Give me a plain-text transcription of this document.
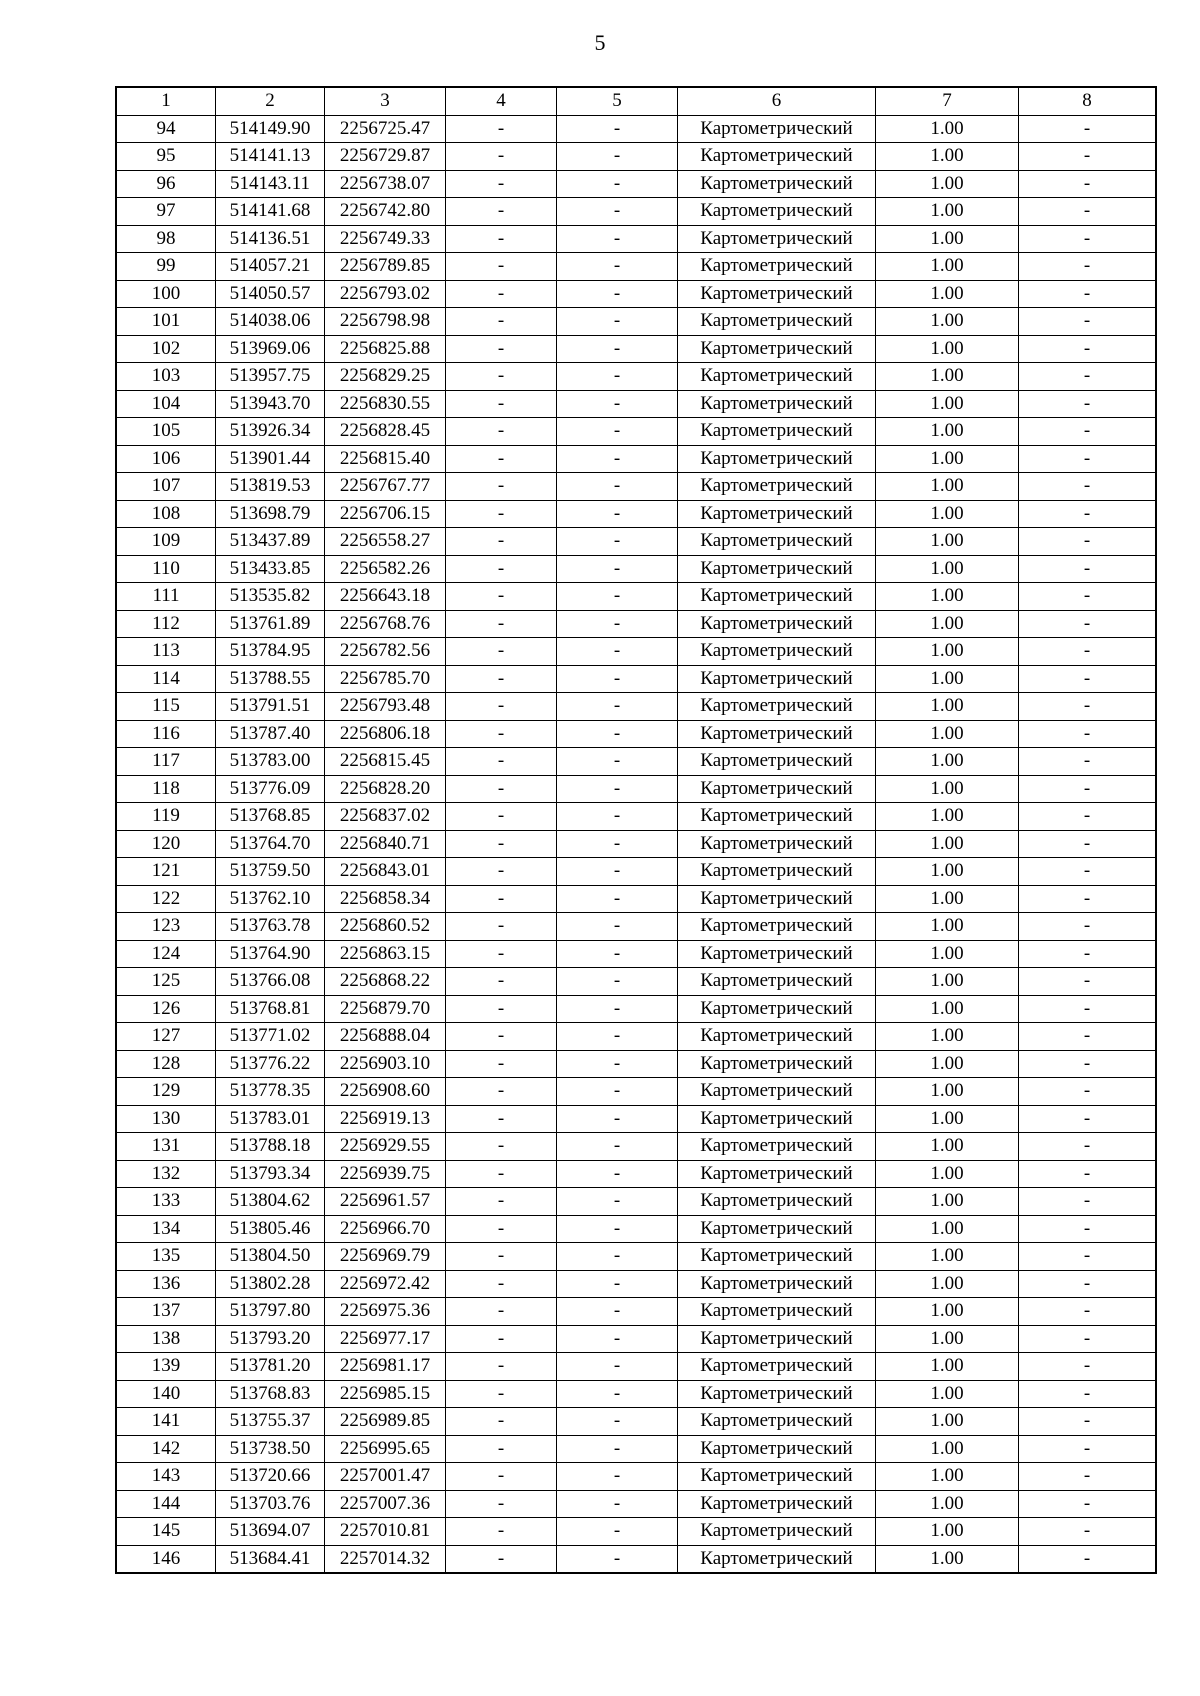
5
1	2	3	4	5	6	7	8
94	514149.90	2256725.47	-	-	Картометрический	1.00	-
95	514141.13	2256729.87	-	-	Картометрический	1.00	-
96	514143.11	2256738.07	-	-	Картометрический	1.00	-
97	514141.68	2256742.80	-	-	Картометрический	1.00	-
98	514136.51	2256749.33	-	-	Картометрический	1.00	-
99	514057.21	2256789.85	-	-	Картометрический	1.00	-
100	514050.57	2256793.02	-	-	Картометрический	1.00	-
101	514038.06	2256798.98	-	-	Картометрический	1.00	-
102	513969.06	2256825.88	-	-	Картометрический	1.00	-
103	513957.75	2256829.25	-	-	Картометрический	1.00	-
104	513943.70	2256830.55	-	-	Картометрический	1.00	-
105	513926.34	2256828.45	-	-	Картометрический	1.00	-
106	513901.44	2256815.40	-	-	Картометрический	1.00	-
107	513819.53	2256767.77	-	-	Картометрический	1.00	-
108	513698.79	2256706.15	-	-	Картометрический	1.00	-
109	513437.89	2256558.27	-	-	Картометрический	1.00	-
110	513433.85	2256582.26	-	-	Картометрический	1.00	-
111	513535.82	2256643.18	-	-	Картометрический	1.00	-
112	513761.89	2256768.76	-	-	Картометрический	1.00	-
113	513784.95	2256782.56	-	-	Картометрический	1.00	-
114	513788.55	2256785.70	-	-	Картометрический	1.00	-
115	513791.51	2256793.48	-	-	Картометрический	1.00	-
116	513787.40	2256806.18	-	-	Картометрический	1.00	-
117	513783.00	2256815.45	-	-	Картометрический	1.00	-
118	513776.09	2256828.20	-	-	Картометрический	1.00	-
119	513768.85	2256837.02	-	-	Картометрический	1.00	-
120	513764.70	2256840.71	-	-	Картометрический	1.00	-
121	513759.50	2256843.01	-	-	Картометрический	1.00	-
122	513762.10	2256858.34	-	-	Картометрический	1.00	-
123	513763.78	2256860.52	-	-	Картометрический	1.00	-
124	513764.90	2256863.15	-	-	Картометрический	1.00	-
125	513766.08	2256868.22	-	-	Картометрический	1.00	-
126	513768.81	2256879.70	-	-	Картометрический	1.00	-
127	513771.02	2256888.04	-	-	Картометрический	1.00	-
128	513776.22	2256903.10	-	-	Картометрический	1.00	-
129	513778.35	2256908.60	-	-	Картометрический	1.00	-
130	513783.01	2256919.13	-	-	Картометрический	1.00	-
131	513788.18	2256929.55	-	-	Картометрический	1.00	-
132	513793.34	2256939.75	-	-	Картометрический	1.00	-
133	513804.62	2256961.57	-	-	Картометрический	1.00	-
134	513805.46	2256966.70	-	-	Картометрический	1.00	-
135	513804.50	2256969.79	-	-	Картометрический	1.00	-
136	513802.28	2256972.42	-	-	Картометрический	1.00	-
137	513797.80	2256975.36	-	-	Картометрический	1.00	-
138	513793.20	2256977.17	-	-	Картометрический	1.00	-
139	513781.20	2256981.17	-	-	Картометрический	1.00	-
140	513768.83	2256985.15	-	-	Картометрический	1.00	-
141	513755.37	2256989.85	-	-	Картометрический	1.00	-
142	513738.50	2256995.65	-	-	Картометрический	1.00	-
143	513720.66	2257001.47	-	-	Картометрический	1.00	-
144	513703.76	2257007.36	-	-	Картометрический	1.00	-
145	513694.07	2257010.81	-	-	Картометрический	1.00	-
146	513684.41	2257014.32	-	-	Картометрический	1.00	-
